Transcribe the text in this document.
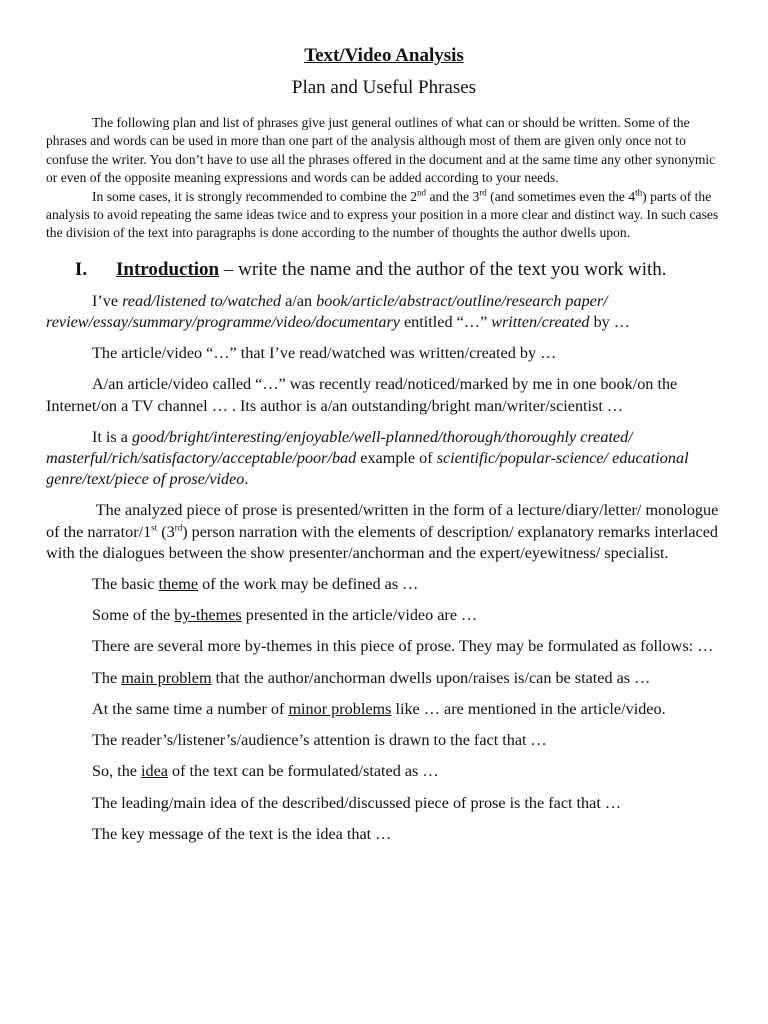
Text/Video Analysis
Plan and Useful Phrases

The following plan and list of phrases give just general outlines of what can or should be written. Some of the phrases and words can be used in more than one part of the analysis although most of them are given only once not to confuse the writer. You don’t have to use all the phrases offered in the document and at the same time any other synonymic or even of the opposite meaning expressions and words can be added according to your needs.

In some cases, it is strongly recommended to combine the 2nd and the 3rd (and sometimes even the 4th) parts of the analysis to avoid repeating the same ideas twice and to express your position in a more clear and distinct way. In such cases the division of the text into paragraphs is done according to the number of thoughts the author dwells upon.

I.	Introduction – write the name and the author of the text you work with.

I’ve read/listened to/watched a/an book/article/abstract/outline/research paper/ review/essay/summary/programme/video/documentary entitled “…” written/created by …

The article/video “…” that I’ve read/watched was written/created by …

A/an article/video called “…” was recently read/noticed/marked by me in one book/on the Internet/on a TV channel … . Its author is a/an outstanding/bright man/writer/scientist …

It is a good/bright/interesting/enjoyable/well-planned/thorough/thoroughly created/ masterful/rich/satisfactory/acceptable/poor/bad example of scientific/popular-science/ educational genre/text/piece of prose/video.

The analyzed piece of prose is presented/written in the form of a lecture/diary/letter/ monologue of the narrator/1st (3rd) person narration with the elements of description/ explanatory remarks interlaced with the dialogues between the show presenter/anchorman and the expert/eyewitness/ specialist.

The basic theme of the work may be defined as …

Some of the by-themes presented in the article/video are …

There are several more by-themes in this piece of prose. They may be formulated as follows: …

The main problem that the author/anchorman dwells upon/raises is/can be stated as …

At the same time a number of minor problems like … are mentioned in the article/video.

The reader’s/listener’s/audience’s attention is drawn to the fact that …

So, the idea of the text can be formulated/stated as …

The leading/main idea of the described/discussed piece of prose is the fact that …

The key message of the text is the idea that …
